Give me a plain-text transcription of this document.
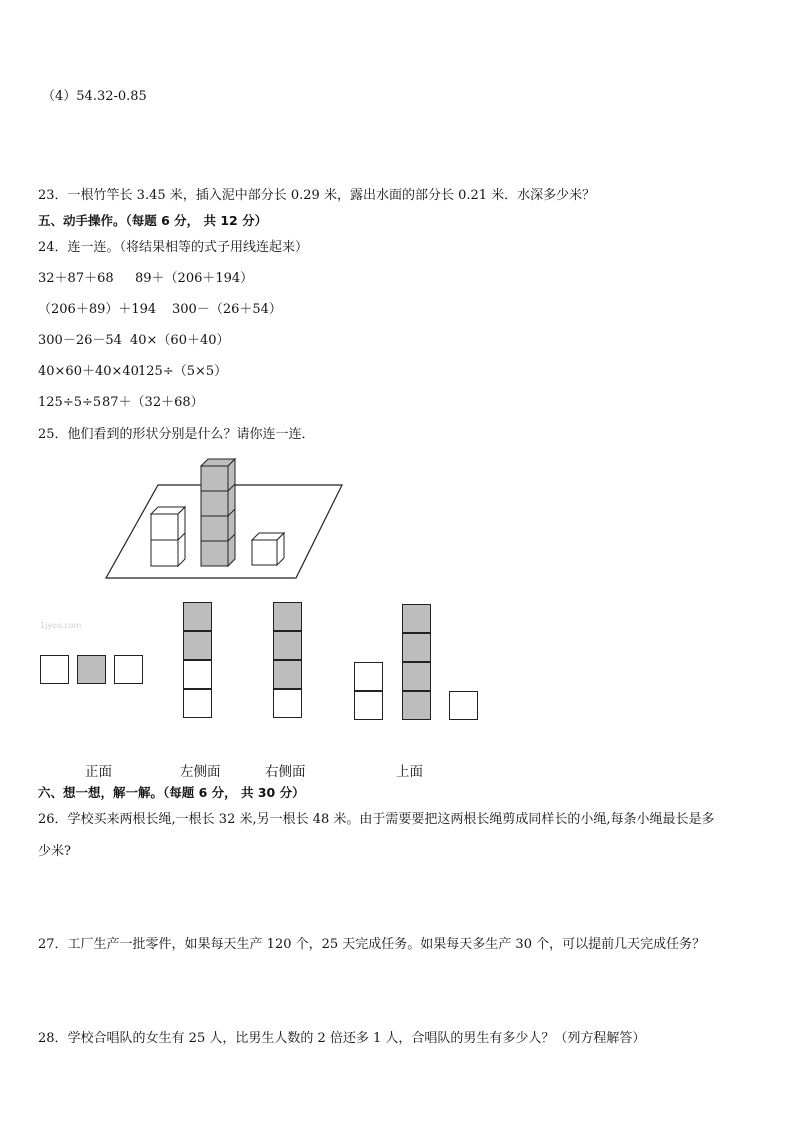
（4）54.32-0.85
23．一根竹竿长 3.45 米，插入泥中部分长 0.29 米，露出水面的部分长 0.21 米．水深多少米？
五、动手操作。（每题 6 分， 共 12 分）
24．连一连。（将结果相等的式子用线连起来）
32＋87＋68 89＋（206＋194）
（206＋89）＋194 300－（26＋54）
300－26－54 40×（60＋40）
40×60＋40×40 125÷（5×5）
125÷5÷5 87＋（32＋68）
25．他们看到的形状分别是什么？请你连一连．
1jyoo.com
正面	左侧面	右侧面	上面
六、想一想，解一解。（每题 6 分， 共 30 分）
26．学校买来两根长绳,一根长 32 米,另一根长 48 米。由于需要要把这两根长绳剪成同样长的小绳,每条小绳最长是多
少米?
27．工厂生产一批零件，如果每天生产 120 个，25 天完成任务。如果每天多生产 30 个，可以提前几天完成任务？
28．学校合唱队的女生有 25 人，比男生人数的 2 倍还多 1 人，合唱队的男生有多少人？（列方程解答）
